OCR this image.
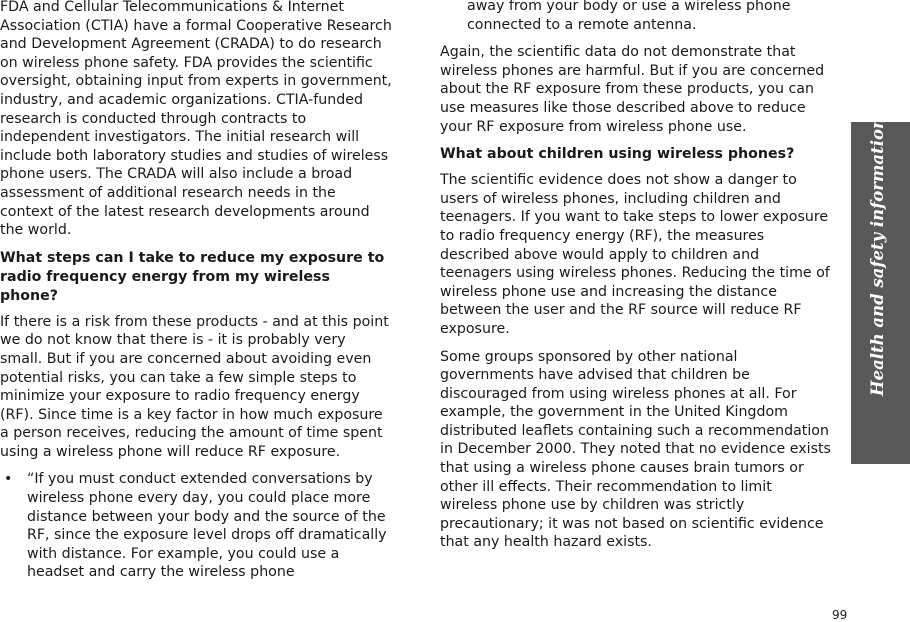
FDA and Cellular Telecommunications & Internet Association (CTIA) have a formal Cooperative Research and Development Agreement (CRADA) to do research on wireless phone safety. FDA provides the scientific oversight, obtaining input from experts in government, industry, and academic organizations. CTIA-funded research is conducted through contracts to independent investigators. The initial research will include both laboratory studies and studies of wireless phone users. The CRADA will also include a broad assessment of additional research needs in the context of the latest research developments around the world.

What steps can I take to reduce my exposure to radio frequency energy from my wireless phone?

If there is a risk from these products - and at this point we do not know that there is - it is probably very small. But if you are concerned about avoiding even potential risks, you can take a few simple steps to minimize your exposure to radio frequency energy (RF). Since time is a key factor in how much exposure a person receives, reducing the amount of time spent using a wireless phone will reduce RF exposure.

• “If you must conduct extended conversations by wireless phone every day, you could place more distance between your body and the source of the RF, since the exposure level drops off dramatically with distance. For example, you could use a headset and carry the wireless phone

away from your body or use a wireless phone connected to a remote antenna.

Again, the scientific data do not demonstrate that wireless phones are harmful. But if you are concerned about the RF exposure from these products, you can use measures like those described above to reduce your RF exposure from wireless phone use.

What about children using wireless phones?

The scientific evidence does not show a danger to users of wireless phones, including children and teenagers. If you want to take steps to lower exposure to radio frequency energy (RF), the measures described above would apply to children and teenagers using wireless phones. Reducing the time of wireless phone use and increasing the distance between the user and the RF source will reduce RF exposure.

Some groups sponsored by other national governments have advised that children be discouraged from using wireless phones at all. For example, the government in the United Kingdom distributed leaflets containing such a recommendation in December 2000. They noted that no evidence exists that using a wireless phone causes brain tumors or other ill effects. Their recommendation to limit wireless phone use by children was strictly precautionary; it was not based on scientific evidence that any health hazard exists.

Health and safety information
Settings
99
